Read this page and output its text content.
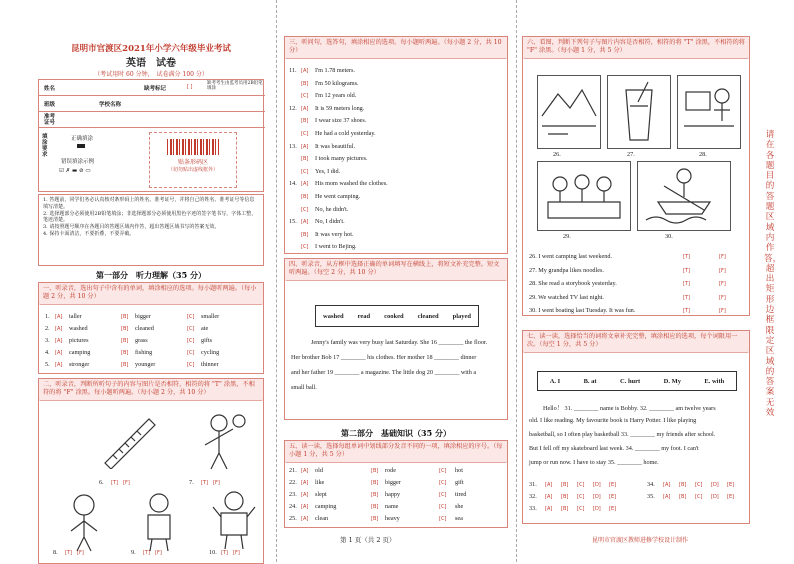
昆明市官渡区2021年小学六年级毕业考试
英语　试卷
（考试用时 60 分钟，　试卷满分 100 分）
姓名	缺考标记	[ ]
缺考考生由监考员用2B铅笔填涂
班级	学校名称
准考证号
填涂要求
正确填涂
错误填涂示例
☑ ✗ ▬ ⊘ ▭
贴条形码区
（切勿贴出虚线框外）
1. 答题前，同学们务必认真核对条形码上的姓名、准考证号，并将自己的姓名、准考证号等信息填写清楚。
2. 选择题部分必须使用2B铅笔填涂；非选择题部分必须使用黑色字迹的签字笔书写，字体工整，笔迹清楚。
3. 请按照题号顺序在各题目的答题区域内作答，超出答题区域书写的答案无效。
4. 保持卡面清洁，不要折叠，不要弄破。
第一部分　听力理解（35 分）
一、听录音，选出句子中含有的单词，填涂相应的选项。每小题听两遍。（每小题 2 分，共 10 分）
1. [A] taller	[B] bigger	[C] smaller
2. [A] washed	[B] cleaned	[C] ate
3. [A] pictures	[B] grass	[C] gifts
4. [A] camping	[B] fishing	[C] cycling
5. [A] stronger	[B] younger	[C] thinner
二、听录音，判断所听句子的内容与图片是否相符，相符的将 "T" 涂黑，不相符的将 "F" 涂黑。每小题听两遍。（每小题 2 分，共 10 分）
6. [T] [F]	7. [T] [F]
8. [T] [F]	9. [T] [F]	10. [T] [F]
三、听问句，选答句，填涂相应的选项。每小题听两遍。（每小题 2 分，共 10 分）
11. [A] I'm 1.78 meters.
[B] I'm 50 kilograms.
[C] I'm 12 years old.
12. [A] It is 59 meters long.
[B] I wear size 37 shoes.
[C] He had a cold yesterday.
13. [A] It was beautiful.
[B] I took many pictures.
[C] Yes, I did.
14. [A] His mom washed the clothes.
[B] He went camping.
[C] No, he didn't.
15. [A] No, I didn't.
[B] It was very hot.
[C] I went to Bejing.
四、听录音，从方框中选择正确的单词填写在横线上，将短文补充完整。短文听两遍。（每空 2 分，共 10 分）
washed read cooked cleaned played
Jenny's family was very busy last Saturday. She 16 ________ the floor.
Her brother Bob 17 ________ his clothes. Her mother 18 ________ dinner
and her father 19 ________ a magazine. The little dog 20 ________ with a
small ball.
第二部分　基础知识（35 分）
五、读一读，选择每组单词中划线部分发音不同的一项，填涂相应的序号。（每小题 1 分，共 5 分）
21. [A] old	[B] rode	[C] hot
22. [A] like	[B] bigger	[C] gift
23. [A] slept	[B] happy	[C] tired
24. [A] camping	[B] name	[C] she
25. [A] clean	[B] heavy	[C] sea
六、看图，判断下列句子与图片内容是否相符，相符的将 "T" 涂黑，不相符的将 "F" 涂黑。（每小题 1 分，共 5 分）
26.	27.	28.
29.	30.
26. I went camping last weekend.	[T]	[F]
27. My grandpa likes noodles.	[T]	[F]
28. She read a storybook yesterday.	[T]	[F]
29. We watched TV last night.	[T]	[F]
30. I went boating last Tuesday. It was fun.	[T]	[F]
七、读一读，选择恰当的词将文章补充完整，填涂相应的选项，每个词限用一次。（每空 1 分，共 5 分）
A. I	B. at	C. hurt	D. My	E. with
Hello！ 31. ________ name is Bobby. 32. ________ am twelve years
old. I like reading. My favourite book is Harry Potter. I like playing
basketball, so I often play basketball 33. ________ my friends after school.
But I fell off my skateboard last week. 34. ________ my foot. I can't
jump or run now. I have to stay 35. ________ home.
31. [A] [B] [C] [D] [E]
32. [A] [B] [C] [D] [E]
33. [A] [B] [C] [D] [E]
34. [A] [B] [C] [D] [E]
35. [A] [B] [C] [D] [E]
请在各题目的答题区域内作答，超出矩形边框限定区域的答案无效
第 1 页（共 2 页）	昆明市官渡区教师进修学校设计制作
